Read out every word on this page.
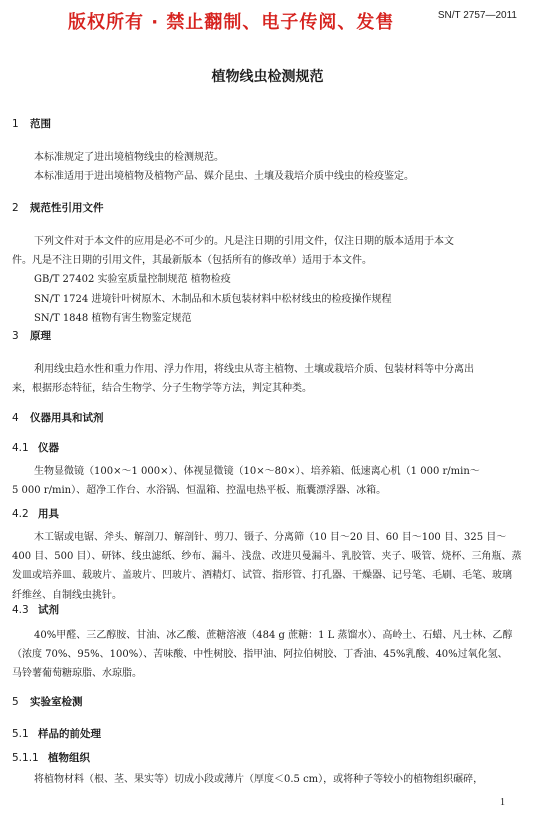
版权所有 · 禁止翻制、电子传阅、发售	SN/T 2757—2011
植物线虫检测规范
1 范围
本标准规定了进出境植物线虫的检测规范。
本标准适用于进出境植物及植物产品、媒介昆虫、土壤及栽培介质中线虫的检疫鉴定。
2 规范性引用文件
下列文件对于本文件的应用是必不可少的。凡是注日期的引用文件，仅注日期的版本适用于本文
件。凡是不注日期的引用文件，其最新版本（包括所有的修改单）适用于本文件。
GB/T 27402 实验室质量控制规范 植物检疫
SN/T 1724 进境针叶树原木、木制品和木质包装材料中松材线虫的检疫操作规程
SN/T 1848 植物有害生物鉴定规范
3 原理
利用线虫趋水性和重力作用、浮力作用，将线虫从寄主植物、土壤或栽培介质、包装材料等中分离出
来，根据形态特征，结合生物学、分子生物学等方法，判定其种类。
4 仪器用具和试剂
4.1 仪器
生物显微镜（100×～1 000×）、体视显微镜（10×～80×）、培养箱、低速离心机（1 000 r/min～
5 000 r/min）、超净工作台、水浴锅、恒温箱、控温电热平板、瓶囊漂浮器、冰箱。
4.2 用具
木工锯或电锯、斧头、解剖刀、解剖针、剪刀、镊子、分离筛（10 目～20 目、60 目～100 目、325 目～
400 目、500 目）、研钵、线虫滤纸、纱布、漏斗、浅盘、改进贝曼漏斗、乳胶管、夹子、吸管、烧杯、三角瓶、蒸
发皿或培养皿、载玻片、盖玻片、凹玻片、酒精灯、试管、指形管、打孔器、干燥器、记号笔、毛刷、毛笔、玻璃
纤维丝、自制线虫挑针。
4.3 试剂
40%甲醛、三乙醇胺、甘油、冰乙酸、蔗糖溶液（484 g 蔗糖：1 L 蒸馏水）、高岭土、石蜡、凡士林、乙醇
（浓度 70%、95%、100%）、苦味酸、中性树胶、指甲油、阿拉伯树胶、丁香油、45%乳酸、40%过氧化氢、
马铃薯葡萄糖琼脂、水琼脂。
5 实验室检测
5.1 样品的前处理
5.1.1 植物组织
将植物材料（根、茎、果实等）切成小段或薄片（厚度＜0.5 cm），或将种子等较小的植物组织碾碎，
1
